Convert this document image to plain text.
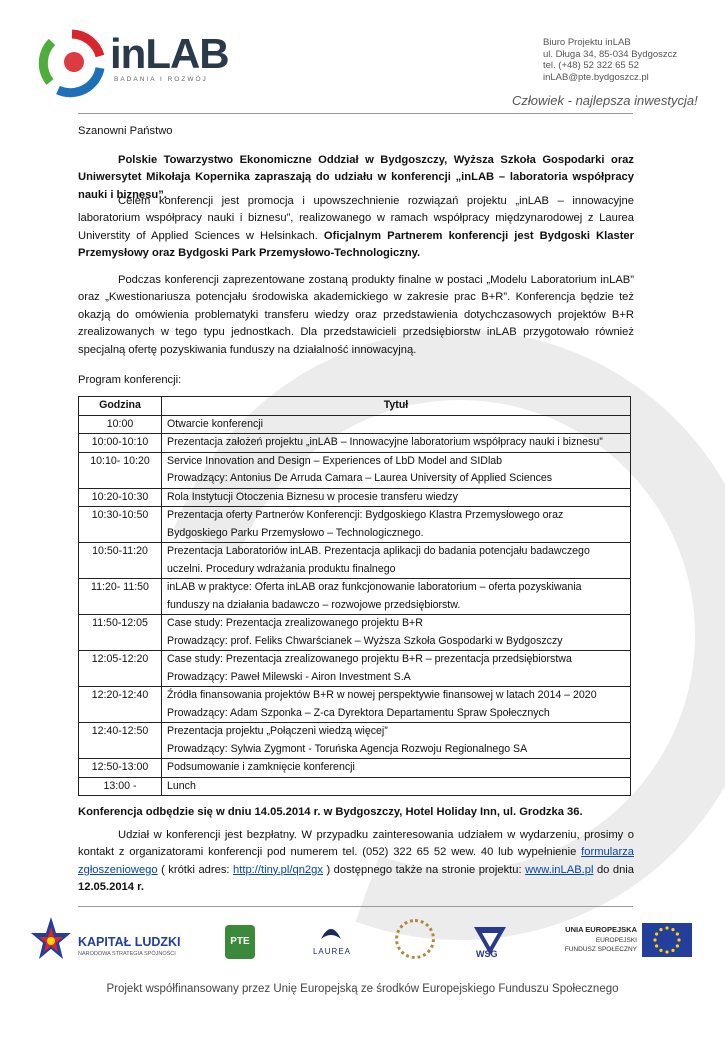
inLAB
BADANIA I ROZWÓJ
Biuro Projektu inLAB
ul. Długa 34, 85-034 Bydgoszcz
tel. (+48) 52 322 65 52
inLAB@pte.bydgoszcz.pl
Człowiek - najlepsza inwestycja!
Szanowni Państwo
Polskie Towarzystwo Ekonomiczne Oddział w Bydgoszczy, Wyższa Szkoła Gospodarki oraz Uniwersytet Mikołaja Kopernika zapraszają do udziału w konferencji „inLAB – laboratoria współpracy nauki i biznesu”.
Celem konferencji jest promocja i upowszechnienie rozwiązań projektu „inLAB – innowacyjne laboratorium współpracy nauki i biznesu”, realizowanego w ramach współpracy międzynarodowej z Laurea Universtity of Applied Sciences w Helsinkach. Oficjalnym Partnerem konferencji jest Bydgoski Klaster Przemysłowy oraz Bydgoski Park Przemysłowo-Technologiczny.
Podczas konferencji zaprezentowane zostaną produkty finalne w postaci „Modelu Laboratorium inLAB” oraz „Kwestionariusza potencjału środowiska akademickiego w zakresie prac B+R”. Konferencja będzie też okazją do omówienia problematyki transferu wiedzy oraz przedstawienia dotychczasowych projektów B+R zrealizowanych w tego typu jednostkach. Dla przedstawicieli przedsiębiorstw inLAB przygotowało również specjalną ofertę pozyskiwania funduszy na działalność innowacyjną.
Program konferencji:
Godzina	Tytuł
10:00	Otwarcie konferencji

10:00-10:10	Prezentacja założeń projektu „inLAB – Innowacyjne laboratorium współpracy nauki i biznesu”

10:10- 10:20	Service Innovation and Design – Experiences of LbD Model and SIDlab
Prowadzący: Antonius De Arruda Camara – Laurea University of Applied Sciences

10:20-10:30	Rola Instytucji Otoczenia Biznesu w procesie transferu wiedzy

10:30-10:50	Prezentacja oferty Partnerów Konferencji: Bydgoskiego Klastra Przemysłowego oraz
Bydgoskiego Parku Przemysłowo – Technologicznego.

10:50-11:20	Prezentacja Laboratoriów inLAB. Prezentacja aplikacji do badania potencjału badawczego
uczelni. Procedury wdrażania produktu finalnego

11:20- 11:50	inLAB w praktyce: Oferta inLAB oraz funkcjonowanie laboratorium – oferta pozyskiwania
funduszy na działania badawczo – rozwojowe przedsiębiorstw.

11:50-12:05	Case study: Prezentacja zrealizowanego projektu B+R
Prowadzący: prof. Feliks Chwarścianek – Wyższa Szkoła Gospodarki w Bydgoszczy

12:05-12:20	Case study: Prezentacja zrealizowanego projektu B+R – prezentacja przedsiębiorstwa
Prowadzący: Paweł Milewski - Airon Investment S.A

12:20-12:40	Źródła finansowania projektów B+R w nowej perspektywie finansowej w latach 2014 – 2020
Prowadzący: Adam Szponka – Z-ca Dyrektora Departamentu Spraw Społecznych

12:40-12:50	Prezentacja projektu „Połączeni wiedzą więcej”
Prowadzący: Sylwia Zygmont - Toruńska Agencja Rozwoju Regionalnego SA

12:50-13:00	Podsumowanie i zamknięcie konferencji

13:00 -	Lunch
Konferencja odbędzie się w dniu 14.05.2014 r. w Bydgoszczy, Hotel Holiday Inn, ul. Grodzka 36.
Udział w konferencji jest bezpłatny. W przypadku zainteresowania udziałem w wydarzeniu, prosimy o kontakt z organizatorami konferencji pod numerem tel. (052) 322 65 52 wew. 40 lub wypełnienie formularza zgłoszeniowego ( krótki adres: http://tiny.pl/qn2gx ) dostępnego także na stronie projektu: www.inLAB.pl do dnia 12.05.2014 r.
KAPITAŁ LUDZKI
NARODOWA STRATEGIA SPÓJNOŚCI
PTE
LAUREA	WSG
UNIA EUROPEJSKA
EUROPEJSKI
FUNDUSZ SPOŁECZNY
Projekt współfinansowany przez Unię Europejską ze środków Europejskiego Funduszu Społecznego
